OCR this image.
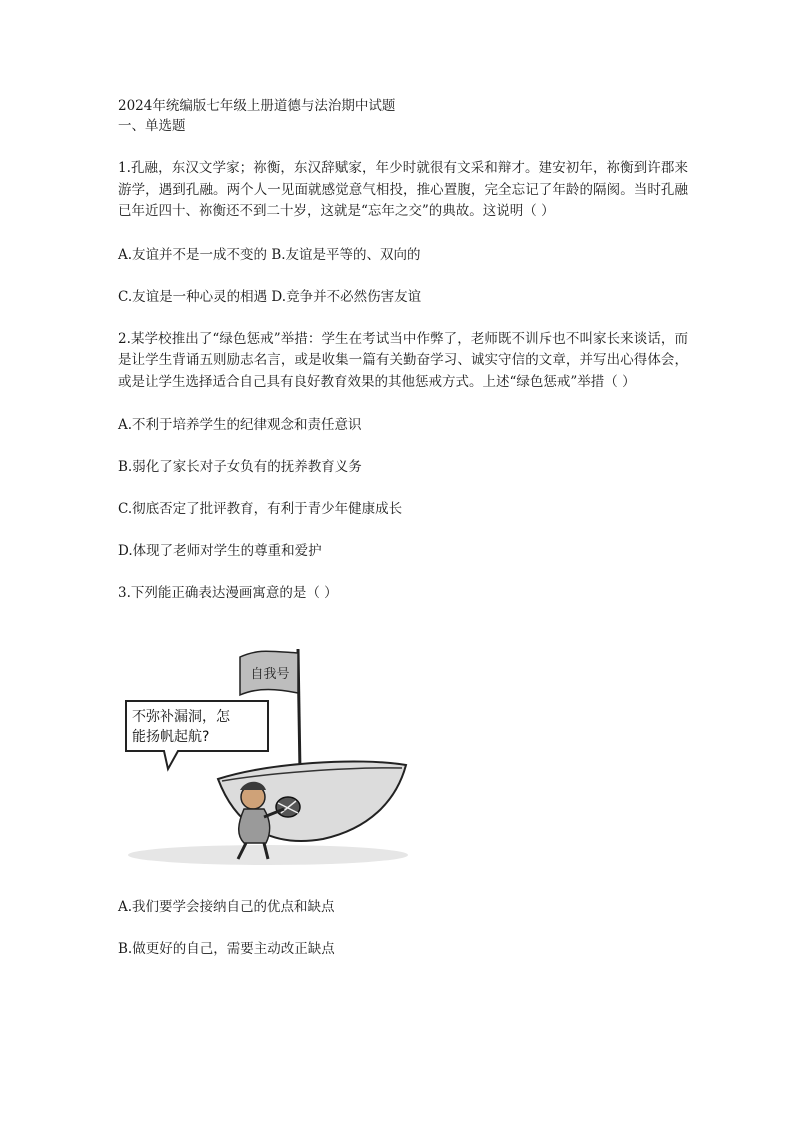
2024年统编版七年级上册道德与法治期中试题

一、单选题

1.孔融，东汉文学家；祢衡，东汉辞赋家，年少时就很有文采和辩才。建安初年，祢衡到许郡来游学，遇到孔融。两个人一见面就感觉意气相投，推心置腹，完全忘记了年龄的隔阂。当时孔融已年近四十、祢衡还不到二十岁，这就是“忘年之交”的典故。这说明（ ）

A.友谊并不是一成不变的 B.友谊是平等的、双向的

C.友谊是一种心灵的相遇 D.竞争并不必然伤害友谊

2.某学校推出了“绿色惩戒”举措：学生在考试当中作弊了，老师既不训斥也不叫家长来谈话，而是让学生背诵五则励志名言，或是收集一篇有关勤奋学习、诚实守信的文章，并写出心得体会，或是让学生选择适合自己具有良好教育效果的其他惩戒方式。上述“绿色惩戒”举措（ ）

A.不利于培养学生的纪律观念和责任意识

B.弱化了家长对子女负有的抚养教育义务

C.彻底否定了批评教育，有利于青少年健康成长

D.体现了老师对学生的尊重和爱护

3.下列能正确表达漫画寓意的是（ ）

自我号
不弥补漏洞，怎
能扬帆起航?

A.我们要学会接纳自己的优点和缺点

B.做更好的自己，需要主动改正缺点
